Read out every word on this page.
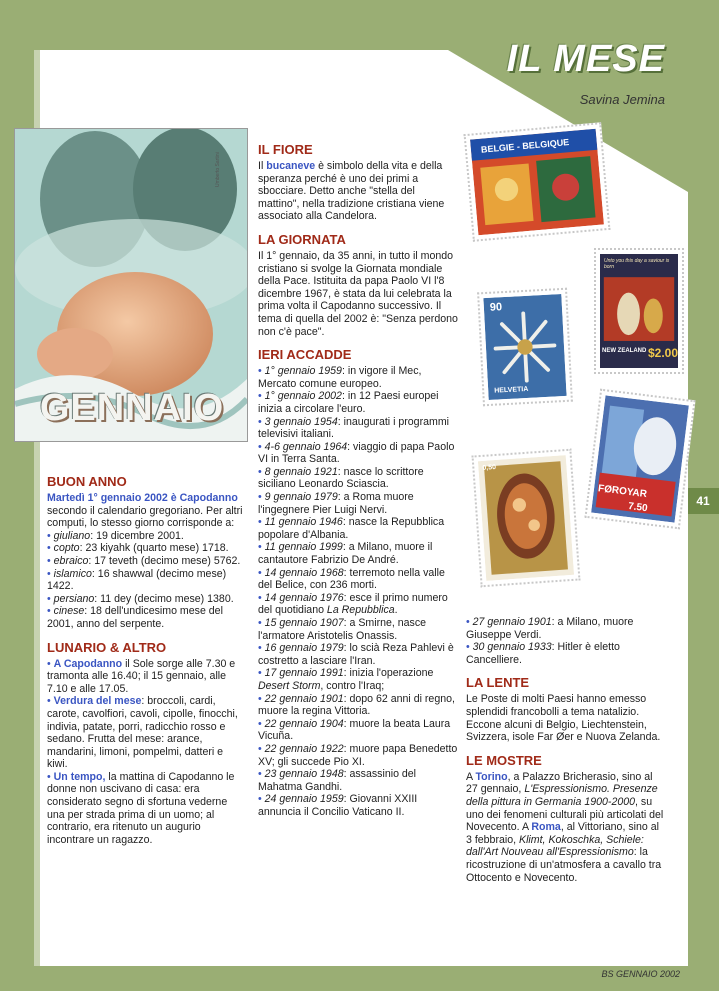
IL MESE
Savina Jemina
41
BS GENNAIO 2002
Umberto Sartini
GENNAIO
BELGIE - BELGIQUE
Unto you this day a saviour is born
NEW ZEALAND $2.00
90
HELVETIA
FØROYAR
7.50
0,50
BUON ANNO

Martedì 1° gennaio 2002 è Capodanno secondo il calendario gregoriano. Per altri computi, lo stesso giorno corrisponde a:

• giuliano: 19 dicembre 2001.

• copto: 23 kiyahk (quarto mese) 1718.

• ebraico: 17 teveth (decimo mese) 5762.

• islamico: 16 shawwal (decimo mese) 1422.

• persiano: 11 dey (decimo mese) 1380.

• cinese: 18 dell'undicesimo mese del 2001, anno del serpente.

LUNARIO & ALTRO

• A Capodanno il Sole sorge alle 7.30 e tramonta alle 16.40; il 15 gennaio, alle 7.10 e alle 17.05.

• Verdura del mese: broccoli, cardi, carote, cavolfiori, cavoli, cipolle, finocchi, indivia, patate, porri, radicchio rosso e sedano. Frutta del mese: arance, mandarini, limoni, pompelmi, datteri e kiwi.

• Un tempo, la mattina di Capodanno le donne non uscivano di casa: era considerato segno di sfortuna vederne una per strada prima di un uomo; al contrario, era ritenuto un augurio incontrare un ragazzo.

IL FIORE

Il bucaneve è simbolo della vita e della speranza perché è uno dei primi a sbocciare. Detto anche "stella del mattino", nella tradizione cristiana viene associato alla Candelora.

LA GIORNATA

Il 1° gennaio, da 35 anni, in tutto il mondo cristiano si svolge la Giornata mondiale della Pace. Istituita da papa Paolo VI l'8 dicembre 1967, è stata da lui celebrata la prima volta il Capodanno successivo. Il tema di quella del 2002 è: "Senza perdono non c'è pace".

IERI ACCADDE

• 1° gennaio 1959: in vigore il Mec, Mercato comune europeo.

• 1° gennaio 2002: in 12 Paesi europei inizia a circolare l'euro.

• 3 gennaio 1954: inaugurati i programmi televisivi italiani.

• 4-6 gennaio 1964: viaggio di papa Paolo VI in Terra Santa.

• 8 gennaio 1921: nasce lo scrittore siciliano Leonardo Sciascia.

• 9 gennaio 1979: a Roma muore l'ingegnere Pier Luigi Nervi.

• 11 gennaio 1946: nasce la Repubblica popolare d'Albania.

• 11 gennaio 1999: a Milano, muore il cantautore Fabrizio De André.

• 14 gennaio 1968: terremoto nella valle del Belice, con 236 morti.

• 14 gennaio 1976: esce il primo numero del quotidiano La Repubblica.

• 15 gennaio 1907: a Smirne, nasce l'armatore Aristotelis Onassis.

• 16 gennaio 1979: lo scià Reza Pahlevi è costretto a lasciare l'Iran.

• 17 gennaio 1991: inizia l'operazione Desert Storm, contro l'Iraq;

• 22 gennaio 1901: dopo 62 anni di regno, muore la regina Vittoria.

• 22 gennaio 1904: muore la beata Laura Vicuña.

• 22 gennaio 1922: muore papa Benedetto XV; gli succede Pio XI.

• 23 gennaio 1948: assassinio del Mahatma Gandhi.

• 24 gennaio 1959: Giovanni XXIII annuncia il Concilio Vaticano II.

• 27 gennaio 1901: a Milano, muore Giuseppe Verdi.

• 30 gennaio 1933: Hitler è eletto Cancelliere.

LA LENTE

Le Poste di molti Paesi hanno emesso splendidi francobolli a tema natalizio. Eccone alcuni di Belgio, Liechtenstein, Svizzera, isole Far Øer e Nuova Zelanda.

LE MOSTRE

A Torino, a Palazzo Bricherasio, sino al 27 gennaio, L'Espressionismo. Presenze della pittura in Germania 1900-2000, su uno dei fenomeni culturali più articolati del Novecento. A Roma, al Vittoriano, sino al 3 febbraio, Klimt, Kokoschka, Schiele: dall'Art Nouveau all'Espressionismo: la ricostruzione di un'atmosfera a cavallo tra Ottocento e Novecento.
